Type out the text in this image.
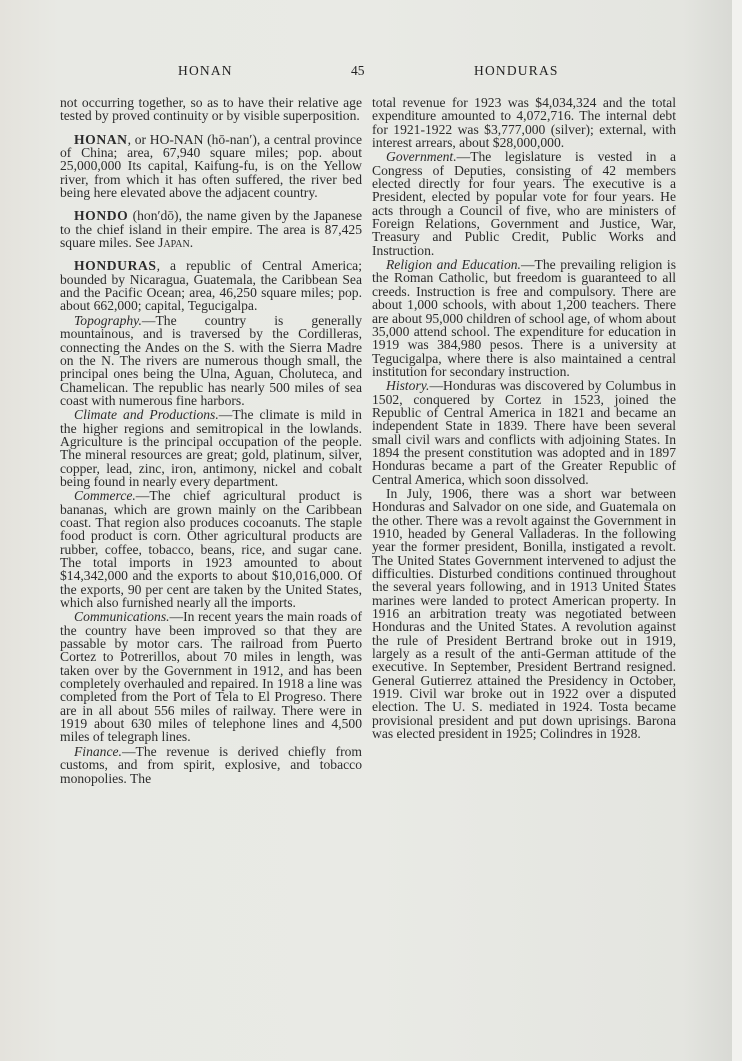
HONAN	45	HONDURAS

not occurring together, so as to have their relative age tested by proved continuity or by visible superposition.

HONAN, or HO-NAN (hō-nan′), a central province of China; area, 67,940 square miles; pop. about 25,000,000 Its capital, Kaifung-fu, is on the Yellow river, from which it has often suffered, the river bed being here elevated above the adjacent country.

HONDO (hon′dō), the name given by the Japanese to the chief island in their empire. The area is 87,425 square miles. See Japan.

HONDURAS, a republic of Central America; bounded by Nicaragua, Guatemala, the Caribbean Sea and the Pacific Ocean; area, 46,250 square miles; pop. about 662,000; capital, Tegucigalpa.

Topography.—The country is generally mountainous, and is traversed by the Cordilleras, connecting the Andes on the S. with the Sierra Madre on the N. The rivers are numerous though small, the principal ones being the Ulna, Aguan, Choluteca, and Chamelican. The republic has nearly 500 miles of sea coast with numerous fine harbors.

Climate and Productions.—The climate is mild in the higher regions and semitropical in the lowlands. Agriculture is the principal occupation of the people. The mineral resources are great; gold, platinum, silver, copper, lead, zinc, iron, antimony, nickel and cobalt being found in nearly every department.

Commerce.—The chief agricultural product is bananas, which are grown mainly on the Caribbean coast. That region also produces cocoanuts. The staple food product is corn. Other agricultural products are rubber, coffee, tobacco, beans, rice, and sugar cane. The total imports in 1923 amounted to about $14,342,000 and the exports to about $10,016,000. Of the exports, 90 per cent are taken by the United States, which also furnished nearly all the imports.

Communications.—In recent years the main roads of the country have been improved so that they are passable by motor cars. The railroad from Puerto Cortez to Potrerillos, about 70 miles in length, was taken over by the Government in 1912, and has been completely overhauled and repaired. In 1918 a line was completed from the Port of Tela to El Progreso. There are in all about 556 miles of railway. There were in 1919 about 630 miles of telephone lines and 4,500 miles of telegraph lines.

Finance.—The revenue is derived chiefly from customs, and from spirit, explosive, and tobacco monopolies. The

total revenue for 1923 was $4,034,324 and the total expenditure amounted to 4,072,716. The internal debt for 1921-1922 was $3,777,000 (silver); external, with interest arrears, about $28,000,000.

Government.—The legislature is vested in a Congress of Deputies, consisting of 42 members elected directly for four years. The executive is a President, elected by popular vote for four years. He acts through a Council of five, who are ministers of Foreign Relations, Government and Justice, War, Treasury and Public Credit, Public Works and Instruction.

Religion and Education.—The prevailing religion is the Roman Catholic, but freedom is guaranteed to all creeds. Instruction is free and compulsory. There are about 1,000 schools, with about 1,200 teachers. There are about 95,000 children of school age, of whom about 35,000 attend school. The expenditure for education in 1919 was 384,980 pesos. There is a university at Tegucigalpa, where there is also maintained a central institution for secondary instruction.

History.—Honduras was discovered by Columbus in 1502, conquered by Cortez in 1523, joined the Republic of Central America in 1821 and became an independent State in 1839. There have been several small civil wars and conflicts with adjoining States. In 1894 the present constitution was adopted and in 1897 Honduras became a part of the Greater Republic of Central America, which soon dissolved.

In July, 1906, there was a short war between Honduras and Salvador on one side, and Guatemala on the other. There was a revolt against the Government in 1910, headed by General Valladeras. In the following year the former president, Bonilla, instigated a revolt. The United States Government intervened to adjust the difficulties. Disturbed conditions continued throughout the several years following, and in 1913 United States marines were landed to protect American property. In 1916 an arbitration treaty was negotiated between Honduras and the United States. A revolution against the rule of President Bertrand broke out in 1919, largely as a result of the anti-German attitude of the executive. In September, President Bertrand resigned. General Gutierrez attained the Presidency in October, 1919. Civil war broke out in 1922 over a disputed election. The U. S. mediated in 1924. Tosta became provisional president and put down uprisings. Barona was elected president in 1925; Colindres in 1928.
